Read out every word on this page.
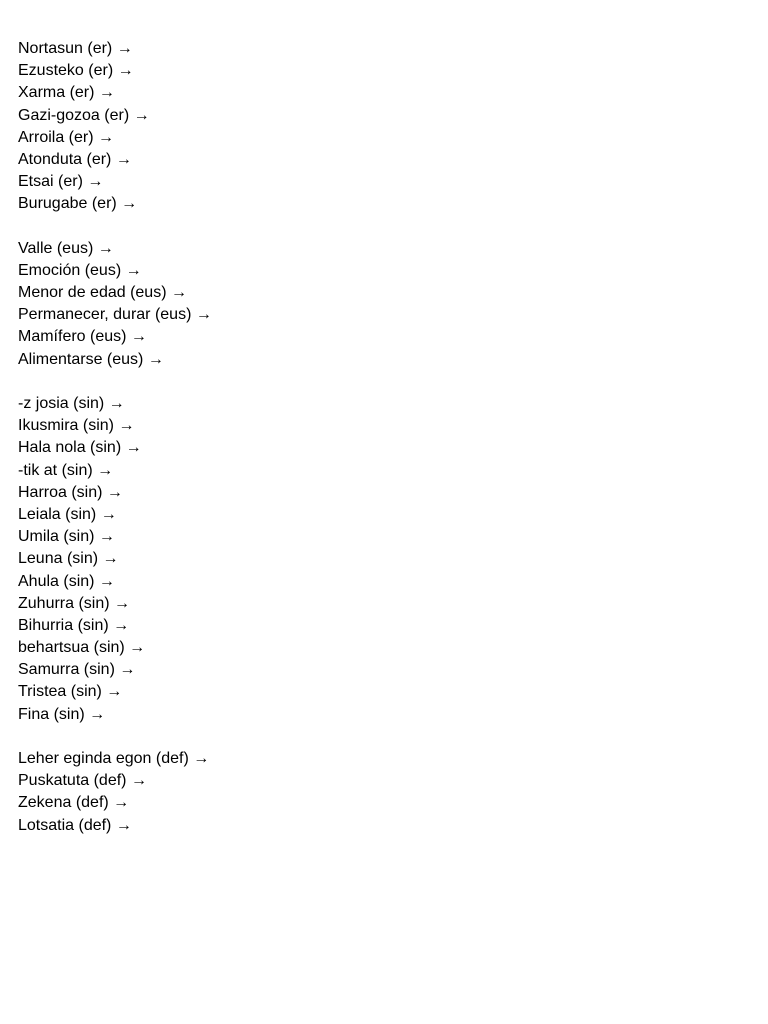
Nortasun (er) →
Ezusteko (er) →
Xarma (er) →
Gazi-gozoa (er) →
Arroila (er) →
Atonduta (er) →
Etsai (er) →
Burugabe (er) →
Valle (eus) →
Emoción (eus) →
Menor de edad (eus) →
Permanecer, durar (eus) →
Mamífero (eus) →
Alimentarse (eus) →
-z josia (sin) →
Ikusmira (sin) →
Hala nola (sin) →
-tik at (sin) →
Harroa (sin) →
Leiala (sin) →
Umila (sin) →
Leuna (sin) →
Ahula (sin) →
Zuhurra (sin) →
Bihurria (sin) →
behartsua (sin) →
Samurra (sin) →
Tristea (sin) →
Fina (sin) →
Leher eginda egon (def) →
Puskatuta (def) →
Zekena (def) →
Lotsatia (def) →
